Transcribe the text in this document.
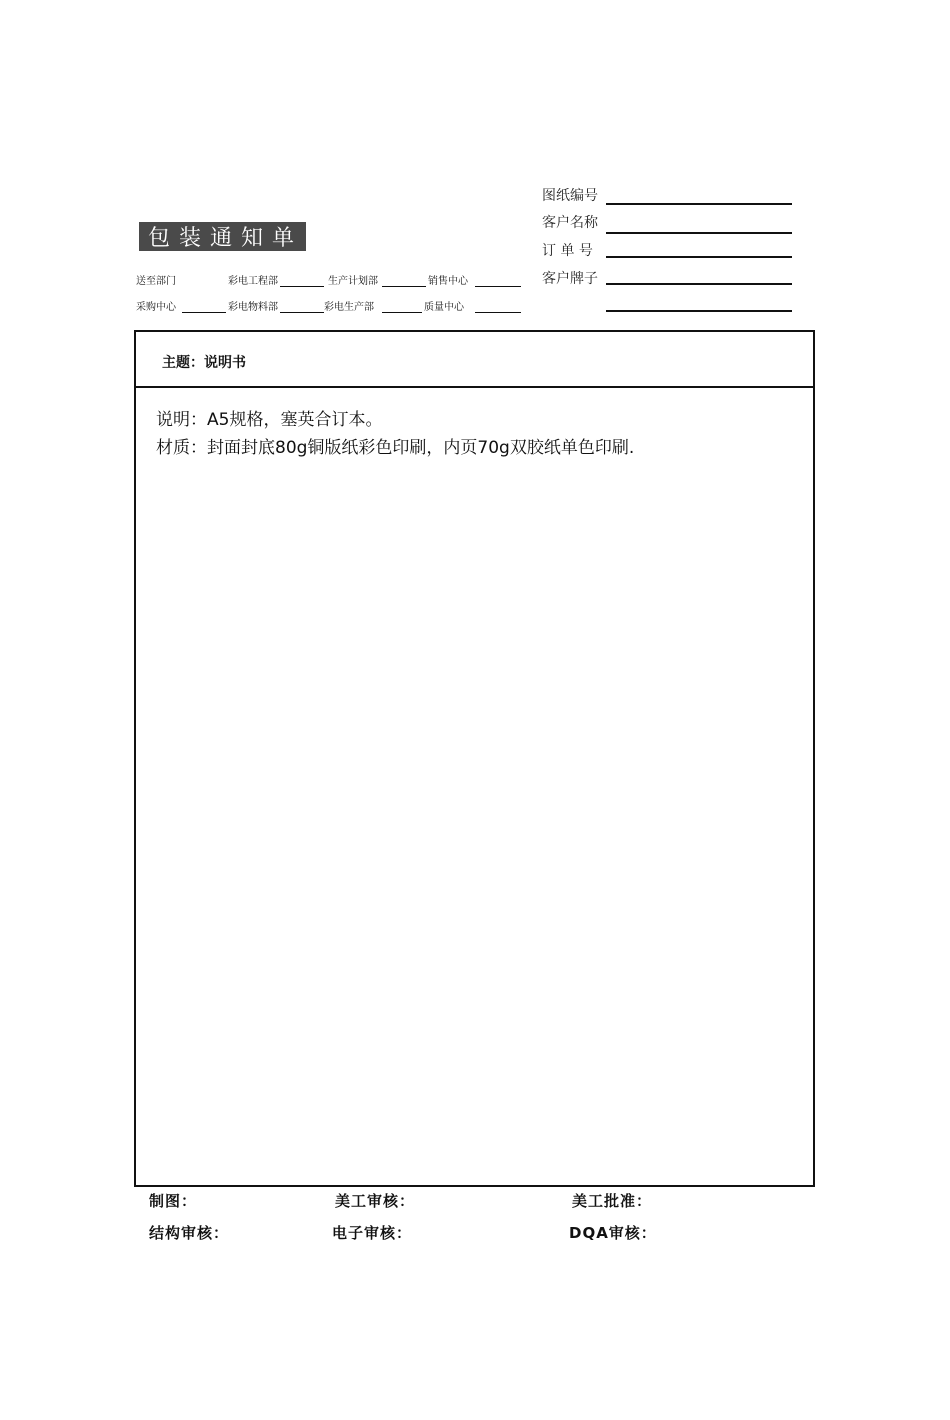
图纸编号
客户名称
订 单 号
客户牌子
包装通知单
送至部门	彩电工程部	生产计划部	销售中心
采购中心	彩电物料部	彩电生产部	质量中心
主题：说明书
说明：A5规格，塞英合订本。
材质：封面封底80g铜版纸彩色印刷，内页70g双胶纸单色印刷.
制图：	美工审核：	美工批准：
结构审核：	电子审核：	DQA审核：
